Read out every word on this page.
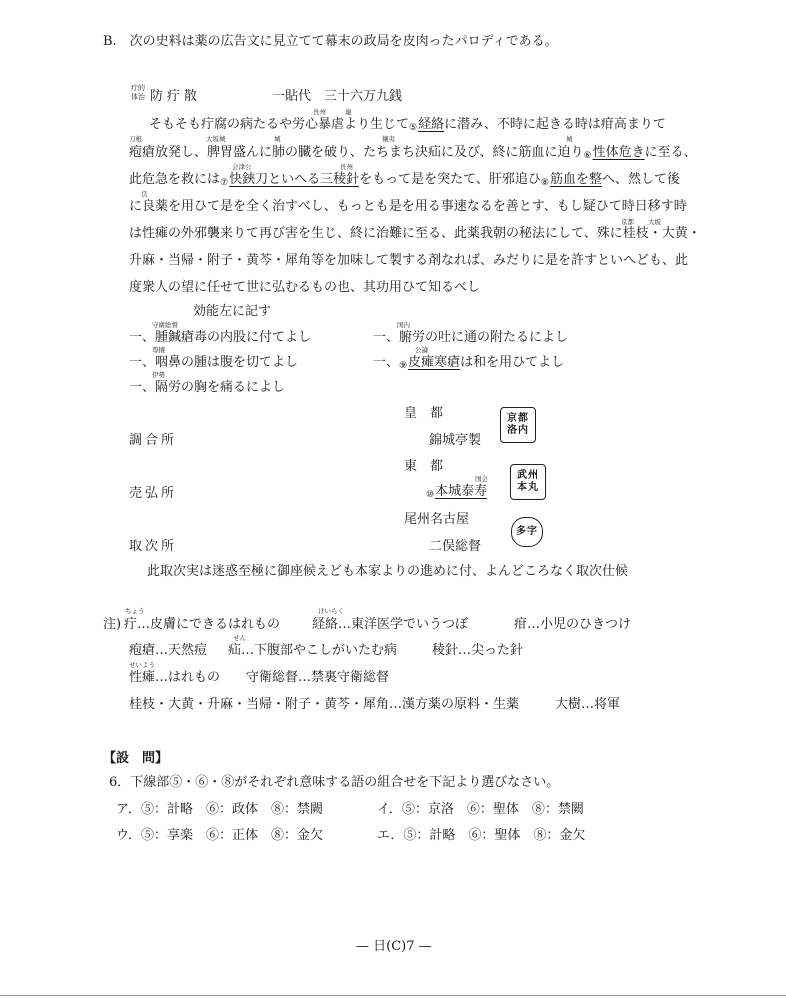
B.　次の史料は薬の広告文に見立てて幕末の政局を皮肉ったパロディである。
疔的
体治 防疔散	一貼代　三十六万九銭
長州	連
そもそも疔腐の病たるや労心暴虐より生じて⑤経絡に潜み、不時に起きる時は疳高まりて
刀根	大坂城	城	攘夷	城
疱瘡放発し、脾胃盛んに肺の臓を破り、たちまち決疝に及び、終に筋血に迫り⑥性体危きに至る、
会津公	長州
此危急を救には⑦快鋏刀といへる三稜針をもって是を突たて、肝邪追ひ⑧筋血を整へ、然して後
良
に良薬を用ひて是を全く治すべし、もっとも是を用る事速なるを善とす、もし疑ひて時日移す時
京都 大坂
は性瘫の外邪襲来りて再び害を生じ、終に治難に至る、此薬我朝の秘法にして、殊に桂枝・大黄・
升麻・当帰・附子・黄芩・犀角等を加味して製する剤なれば、みだりに是を許すといへども、此
度衆人の望に任せて世に弘むるもの也、其功用ひて知るべし
効能左に記す
守衛総督
一、腫鍼瘡毒の内股に付てよし
尊攘
一、咽鼻の腫は腹を切てよし
伊勢
一、隔労の胸を痛るによし
国内
一、腑労の吐に通の附たるによし
公論
一、⑨皮瘫寒瘡は和を用ひてよし
皇　都
調合所	錦城亭製
京都 洛内
東　都
売弘所
国会
⑩本城泰寿
武州 本丸
尾州名古屋
取次所	二俣総督
多字
此取次実は迷惑至極に御座候えども本家よりの進めに付、よんどころなく取次仕候
注)
ちょう	けいらく
疔…皮膚にできるはれもの 経絡…東洋医学でいうつぼ	疳…小児のひきつけ
せん
疱瘡…天然痘 疝…下腹部やこしがいたむ病	稜針…尖った針
せいよう
性瘫…はれもの 守衛総督…禁裏守衛総督
桂枝・大黄・升麻・当帰・附子・黄芩・犀角…漢方薬の原料・生薬	大樹…将軍
【設　問】
6．下線部⑤・⑥・⑧がそれぞれ意味する語の組合せを下記より選びなさい。
ア．⑤：計略　⑥：政体　⑧：禁闕	イ．⑤：京洛　⑥：聖体　⑧：禁闕
ウ．⑤：享楽　⑥：正体　⑧：金欠	エ．⑤：計略　⑥：聖体　⑧：金欠
— 日(C)7 —
